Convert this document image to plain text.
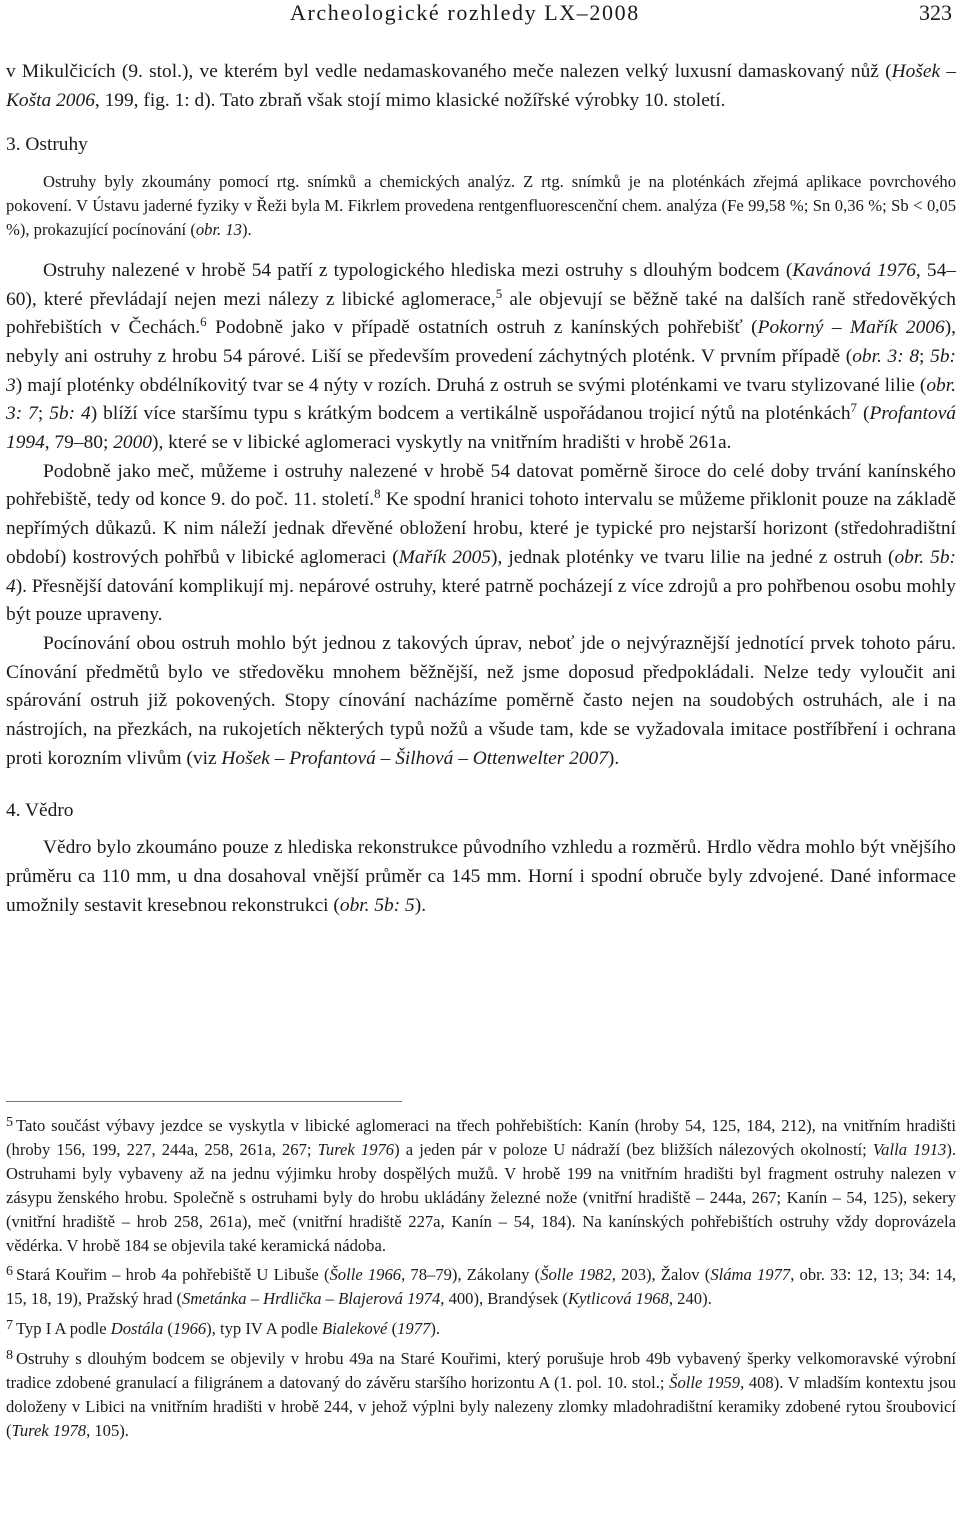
Archeologické rozhledy LX–2008	323

v Mikulčicích (9. stol.), ve kterém byl vedle nedamaskovaného meče nalezen velký luxusní damaskovaný nůž (Hošek – Košta 2006, 199, fig. 1: d). Tato zbraň však stojí mimo klasické nožířské výrobky 10. století.

3. Ostruhy

Ostruhy byly zkoumány pomocí rtg. snímků a chemických analýz. Z rtg. snímků je na ploténkách zřejmá aplikace povrchového pokovení. V Ústavu jaderné fyziky v Řeži byla M. Fikrlem provedena rentgenfluorescenční chem. analýza (Fe 99,58 %; Sn 0,36 %; Sb < 0,05 %), prokazující pocínování (obr. 13).

Ostruhy nalezené v hrobě 54 patří z typologického hlediska mezi ostruhy s dlouhým bodcem (Kavánová 1976, 54–60), které převládají nejen mezi nálezy z libické aglomerace,$^5$ ale objevují se běžně také na dalších raně středověkých pohřebištích v Čechách.$^6$ Podobně jako v případě ostatních ostruh z kanínských pohřebišť (Pokorný – Mařík 2006), nebyly ani ostruhy z hrobu 54 párové. Liší se především provedení záchytných ploténk. V prvním případě (obr. 3: 8; 5b: 3) mají ploténky obdélníkovitý tvar se 4 nýty v rozích. Druhá z ostruh se svými ploténkami ve tvaru stylizované lilie (obr. 3: 7; 5b: 4) blíží více staršímu typu s krátkým bodcem a vertikálně uspořádanou trojicí nýtů na ploténkách$^7$ (Profantová 1994, 79–80; 2000), které se v libické aglomeraci vyskytly na vnitřním hradišti v hrobě 261a.

Podobně jako meč, můžeme i ostruhy nalezené v hrobě 54 datovat poměrně široce do celé doby trvání kanínského pohřebiště, tedy od konce 9. do poč. 11. století.$^8$ Ke spodní hranici tohoto intervalu se můžeme přiklonit pouze na základě nepřímých důkazů. K nim náleží jednak dřevěné obložení hrobu, které je typické pro nejstarší horizont (středohradištní období) kostrových pohřbů v libické aglomeraci (Mařík 2005), jednak ploténky ve tvaru lilie na jedné z ostruh (obr. 5b: 4). Přesnější datování komplikují mj. nepárové ostruhy, které patrně pocházejí z více zdrojů a pro pohřbenou osobu mohly být pouze upraveny.

Pocínování obou ostruh mohlo být jednou z takových úprav, neboť jde o nejvýraznější jednotící prvek tohoto páru. Cínování předmětů bylo ve středověku mnohem běžnější, než jsme doposud předpokládali. Nelze tedy vyloučit ani spárování ostruh již pokovených. Stopy cínování nacházíme poměrně často nejen na soudobých ostruhách, ale i na nástrojích, na přezkách, na rukojetích některých typů nožů a všude tam, kde se vyžadovala imitace postříbření i ochrana proti korozním vlivům (viz Hošek – Profantová – Šilhová – Ottenwelter 2007).

4. Vědro

Vědro bylo zkoumáno pouze z hlediska rekonstrukce původního vzhledu a rozměrů. Hrdlo vědra mohlo být vnějšího průměru ca 110 mm, u dna dosahoval vnější průměr ca 145 mm. Horní i spodní obruče byly zdvojené. Dané informace umožnily sestavit kresebnou rekonstrukci (obr. 5b: 5).

$^5$ Tato součást výbavy jezdce se vyskytla v libické aglomeraci na třech pohřebištích: Kanín (hroby 54, 125, 184, 212), na vnitřním hradišti (hroby 156, 199, 227, 244a, 258, 261a, 267; Turek 1976) a jeden pár v poloze U nádraží (bez bližších nálezových okolností; Valla 1913). Ostruhami byly vybaveny až na jednu výjimku hroby dospělých mužů. V hrobě 199 na vnitřním hradišti byl fragment ostruhy nalezen v zásypu ženského hrobu. Společně s ostruhami byly do hrobu ukládány železné nože (vnitřní hradiště – 244a, 267; Kanín – 54, 125), sekery (vnitřní hradiště – hrob 258, 261a), meč (vnitřní hradiště 227a, Kanín – 54, 184). Na kanínských pohřebištích ostruhy vždy doprovázela vědérka. V hrobě 184 se objevila také keramická nádoba.

$^6$ Stará Kouřim – hrob 4a pohřebiště U Libuše (Šolle 1966, 78–79), Zákolany (Šolle 1982, 203), Žalov (Sláma 1977, obr. 33: 12, 13; 34: 14, 15, 18, 19), Pražský hrad (Smetánka – Hrdlička – Blajerová 1974, 400), Brandýsek (Kytlicová 1968, 240).

$^7$ Typ I A podle Dostála (1966), typ IV A podle Bialekové (1977).

$^8$ Ostruhy s dlouhým bodcem se objevily v hrobu 49a na Staré Kouřimi, který porušuje hrob 49b vybavený šperky velkomoravské výrobní tradice zdobené granulací a filigránem a datovaný do závěru staršího horizontu A (1. pol. 10. stol.; Šolle 1959, 408). V mladším kontextu jsou doloženy v Libici na vnitřním hradišti v hrobě 244, v jehož výplni byly nalezeny zlomky mladohradištní keramiky zdobené rytou šroubovicí (Turek 1978, 105).
